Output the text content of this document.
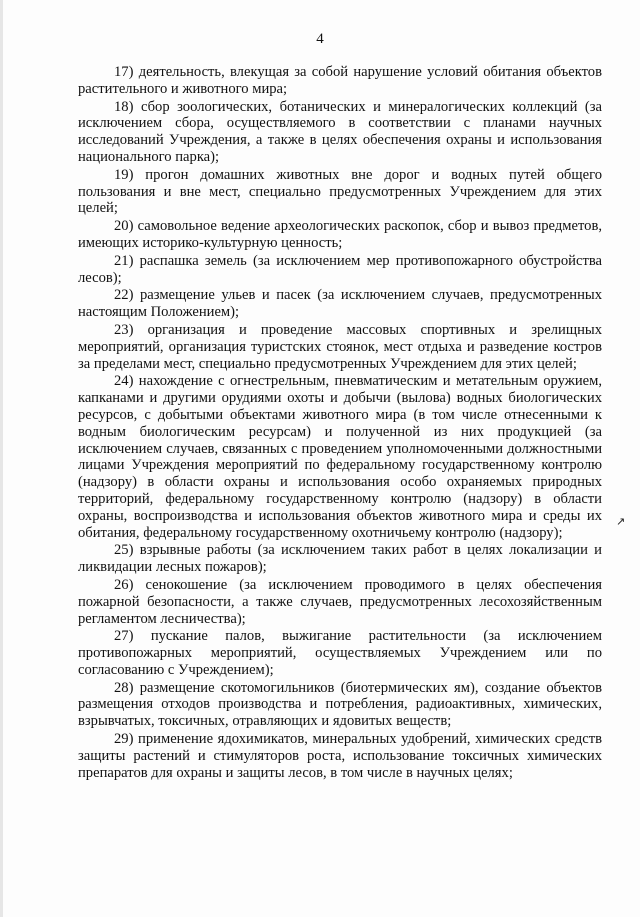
4

17) деятельность, влекущая за собой нарушение условий обитания объектов растительного и животного мира;

18) сбор зоологических, ботанических и минералогических коллекций (за исключением сбора, осуществляемого в соответствии с планами научных исследований Учреждения, а также в целях обеспечения охраны и использования национального парка);

19) прогон домашних животных вне дорог и водных путей общего пользования и вне мест, специально предусмотренных Учреждением для этих целей;

20) самовольное ведение археологических раскопок, сбор и вывоз предметов, имеющих историко-культурную ценность;

21) распашка земель (за исключением мер противопожарного обустройства лесов);

22) размещение ульев и пасек (за исключением случаев, предусмотренных настоящим Положением);

23) организация и проведение массовых спортивных и зрелищных мероприятий, организация туристских стоянок, мест отдыха и разведение костров за пределами мест, специально предусмотренных Учреждением для этих целей;

24) нахождение с огнестрельным, пневматическим и метательным оружием, капканами и другими орудиями охоты и добычи (вылова) водных биологических ресурсов, с добытыми объектами животного мира (в том числе отнесенными к водным биологическим ресурсам) и полученной из них продукцией (за исключением случаев, связанных с проведением уполномоченными должностными лицами Учреждения мероприятий по федеральному государственному контролю (надзору) в области охраны и использования особо охраняемых природных территорий, федеральному государственному контролю (надзору) в области охраны, воспроизводства и использования объектов животного мира и среды их обитания, федеральному государственному охотничьему контролю (надзору);

25) взрывные работы (за исключением таких работ в целях локализации и ликвидации лесных пожаров);

26) сенокошение (за исключением проводимого в целях обеспечения пожарной безопасности, а также случаев, предусмотренных лесохозяйственным регламентом лесничества);

27) пускание палов, выжигание растительности (за исключением противопожарных мероприятий, осуществляемых Учреждением или по согласованию с Учреждением);

28) размещение скотомогильников (биотермических ям), создание объектов размещения отходов производства и потребления, радиоактивных, химических, взрывчатых, токсичных, отравляющих и ядовитых веществ;

29) применение ядохимикатов, минеральных удобрений, химических средств защиты растений и стимуляторов роста, использование токсичных химических препаратов для охраны и защиты лесов, в том числе в научных целях;

↗
